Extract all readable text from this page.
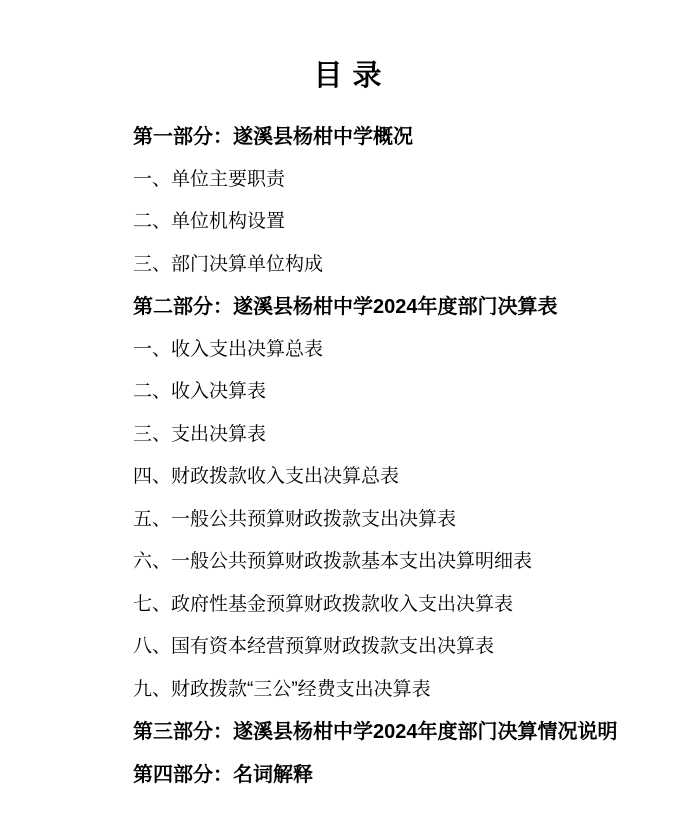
目 录
第一部分：遂溪县杨柑中学概况
一、单位主要职责
二、单位机构设置
三、部门决算单位构成
第二部分：遂溪县杨柑中学2024年度部门决算表
一、收入支出决算总表
二、收入决算表
三、支出决算表
四、财政拨款收入支出决算总表
五、一般公共预算财政拨款支出决算表
六、一般公共预算财政拨款基本支出决算明细表
七、政府性基金预算财政拨款收入支出决算表
八、国有资本经营预算财政拨款支出决算表
九、财政拨款“三公”经费支出决算表
第三部分：遂溪县杨柑中学2024年度部门决算情况说明
第四部分：名词解释
